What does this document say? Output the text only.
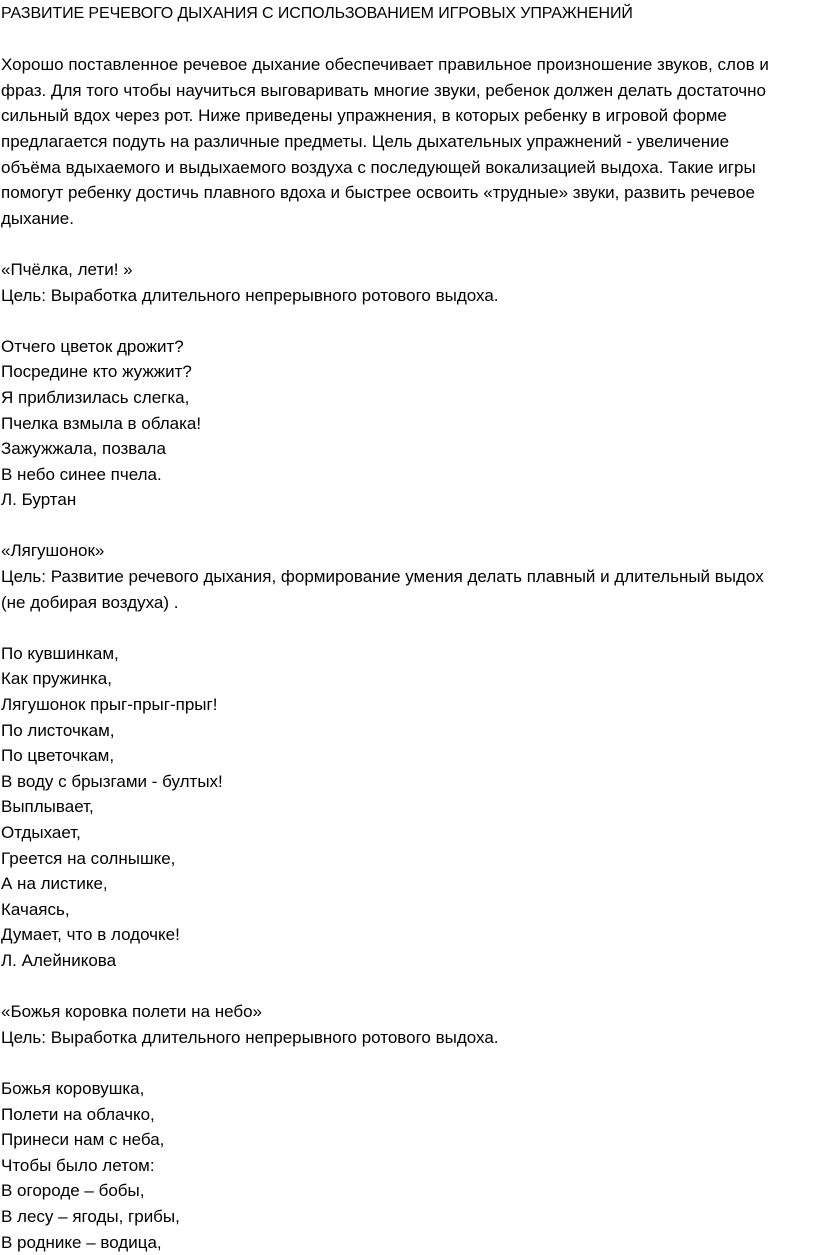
РАЗВИТИЕ РЕЧЕВОГО ДЫХАНИЯ С ИСПОЛЬЗОВАНИЕМ ИГРОВЫХ УПРАЖНЕНИЙ

Хорошо поставленное речевое дыхание обеспечивает правильное произношение звуков, слов и фраз. Для того чтобы научиться выговаривать многие звуки, ребенок должен делать достаточно сильный вдох через рот. Ниже приведены упражнения, в которых ребенку в игровой форме предлагается подуть на различные предметы. Цель дыхательных упражнений - увеличение объёма вдыхаемого и выдыхаемого воздуха с последующей вокализацией выдоха. Такие игры помогут ребенку достичь плавного вдоха и быстрее освоить «трудные» звуки, развить речевое дыхание.

«Пчёлка, лети! »
Цель: Выработка длительного непрерывного ротового выдоха.
Отчего цветок дрожит?
Посредине кто жужжит?
Я приблизилась слегка,
Пчелка взмыла в облака!
Зажужжала, позвала
В небо синее пчела.
Л. Буртан
«Лягушонок»

Цель: Развитие речевого дыхания, формирование умения делать плавный и длительный выдох (не добирая воздуха) .

По кувшинкам,
Как пружинка,
Лягушонок прыг-прыг-прыг!
По листочкам,
По цветочкам,
В воду с брызгами - бултых!
Выплывает,
Отдыхает,
Греется на солнышке,
А на листике,
Качаясь,
Думает, что в лодочке!
Л. Алейникова
«Божья коровка полети на небо»
Цель: Выработка длительного непрерывного ротового выдоха.
Божья коровушка,
Полети на облачко,
Принеси нам с неба,
Чтобы было летом:
В огороде – бобы,
В лесу – ягоды, грибы,
В роднике – водица,
